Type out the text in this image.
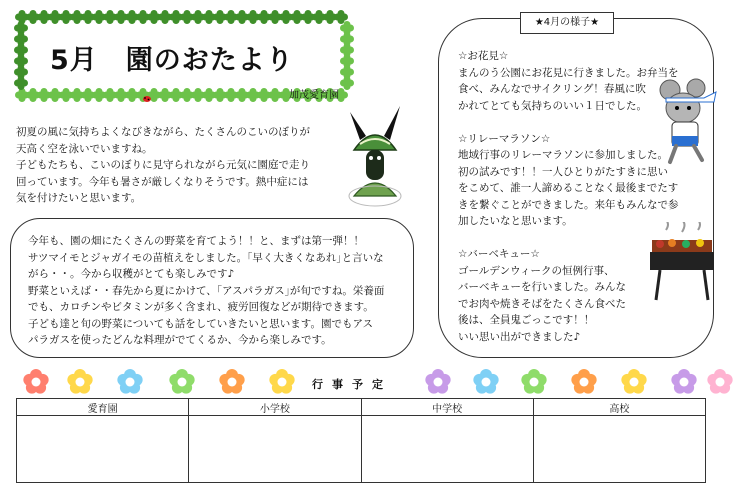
5月　園のおたより
加茂愛育園
初夏の風に気持ちよくなびきながら、たくさんのこいのぼりが
天高く空を泳いでいますね。
子どもたちも、こいのぼりに見守られながら元気に園庭で走り
回っています。今年も暑さが厳しくなりそうです。熱中症には
気を付けたいと思います。
今年も、園の畑にたくさんの野菜を育てよう！！と、まずは第一弾！！
サツマイモとジャガイモの苗植えをしました。｢早く大きくなあれ｣と言いな
がら・・。今から収穫がとても楽しみです♪
野菜といえば・・春先から夏にかけて、｢アスパラガス｣が旬ですね。栄養面
でも、カロチンやビタミンが多く含まれ、疲労回復などが期待できます。
子ども達と旬の野菜についても話をしていきたいと思います。園でもアス
パラガスを使ったどんな料理がでてくるか、今から楽しみです。
★4月の様子★
☆お花見☆
まんのう公園にお花見に行きました。お弁当を
食べ、みんなでサイクリング！春風に吹
かれてとても気持ちのいい１日でした。
☆リレーマラソン☆
地域行事のリレーマラソンに参加しました。
初の試みです！！一人ひとりがたすきに思い
をこめて、誰一人諦めることなく最後までたす
きを繋ぐことができました。来年もみんなで参
加したいなと思います。
☆バーベキュー☆
ゴールデンウィークの恒例行事、
バーベキューを行いました。みんな
でお肉や焼きそばをたくさん食べた
後は、全員鬼ごっこです！！
いい思い出ができました♪
行事予定
愛育園	小学校	中学校	高校
